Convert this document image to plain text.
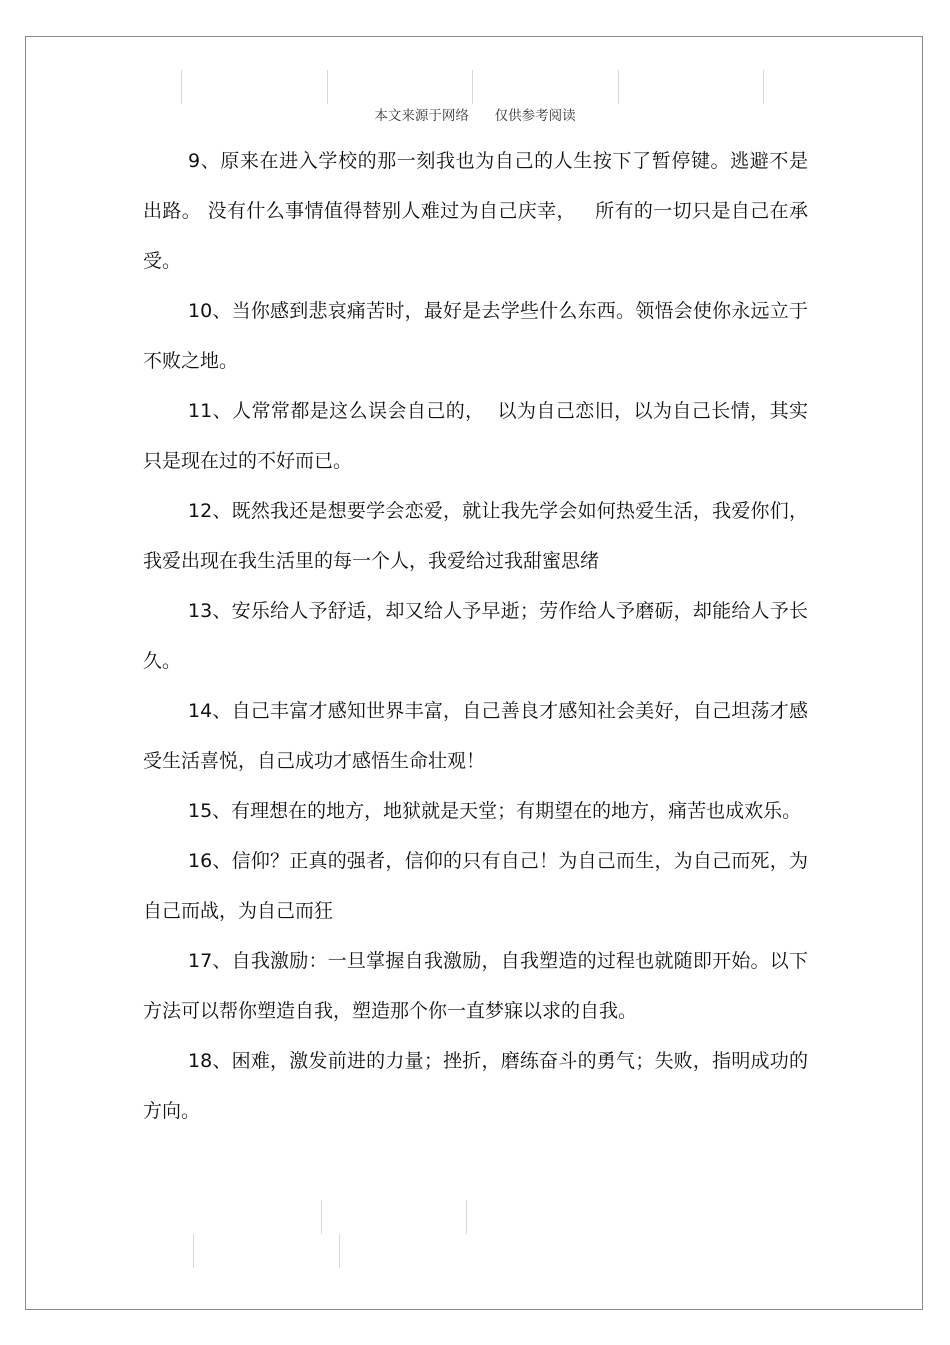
本文来源于网络      仅供参考阅读

9、原来在进入学校的那一刻我也为自己的人生按下了暂停键。逃避不是出路。 没有什么事情值得替别人难过为自己庆幸，   所有的一切只是自己在承受。

10、当你感到悲哀痛苦时，最好是去学些什么东西。领悟会使你永远立于不败之地。

11、人常常都是这么误会自己的，  以为自己恋旧，以为自己长情，其实只是现在过的不好而已。

12、既然我还是想要学会恋爱，就让我先学会如何热爱生活，我爱你们，我爱出现在我生活里的每一个人，我爱给过我甜蜜思绪

13、安乐给人予舒适，却又给人予早逝；劳作给人予磨砺，却能给人予长久。

14、自己丰富才感知世界丰富，自己善良才感知社会美好，自己坦荡才感受生活喜悦，自己成功才感悟生命壮观！

15、有理想在的地方，地狱就是天堂；有期望在的地方，痛苦也成欢乐。

16、信仰？正真的强者，信仰的只有自己！为自己而生，为自己而死，为自己而战，为自己而狂

17、自我激励：一旦掌握自我激励，自我塑造的过程也就随即开始。以下方法可以帮你塑造自我，塑造那个你一直梦寐以求的自我。

18、困难，激发前进的力量；挫折，磨练奋斗的勇气；失败，指明成功的方向。
